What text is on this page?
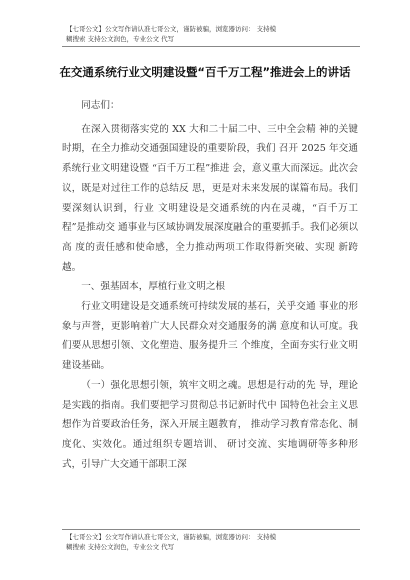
【七哥公文】公文写作请认准七哥公文，谨防被骗，浏览器访问： 支持模

糊搜索 支持公文润色，专业公文 代写
在交通系统行业文明建设暨“百千万工程”推进会上的讲话

同志们：

在深入贯彻落实党的 XX 大和二十届二中、三中全会精 神的关键时期，在全力推动交通强国建设的重要阶段，我们 召开 2025 年交通系统行业文明建设暨 “百千万工程”推进 会，意义重大而深远。此次会议，既是对过往工作的总结反 思，更是对未来发展的谋篇布局。我们要深刻认识到，行业 文明建设是交通系统的内在灵魂，“百千万工程”是推动交 通事业与区域协调发展深度融合的重要抓手。我们必须以高 度的责任感和使命感，全力推动两项工作取得新突破、实现 新跨越。

一、强基固本，厚植行业文明之根

行业文明建设是交通系统可持续发展的基石，关乎交通 事业的形象与声誉，更影响着广大人民群众对交通服务的满 意度和认可度。我们要从思想引领、文化塑造、服务提升三 个维度，全面夯实行业文明建设基础。

（一）强化思想引领，筑牢文明之魂。思想是行动的先 导，理论是实践的指南。我们要把学习贯彻总书记新时代中 国特色社会主义思想作为首要政治任务，深入开展主题教育， 推动学习教育常态化、制度化、实效化。通过组织专题培训、 研讨交流、实地调研等多种形式，引导广大交通干部职工深

【七哥公文】公文写作请认准七哥公文，谨防被骗，浏览器访问： 支持模
糊搜索 支持公文润色，专业公文 代写
